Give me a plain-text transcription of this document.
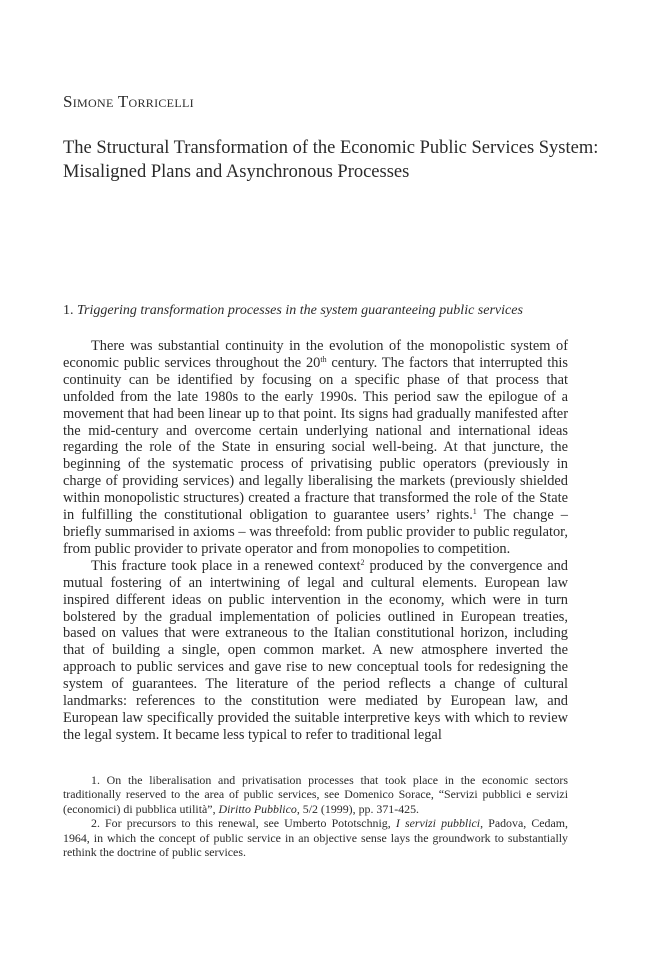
Simone Torricelli
The Structural Transformation of the Economic Public Services System: Misaligned Plans and Asynchronous Processes
1. Triggering transformation processes in the system guaranteeing public services

There was substantial continuity in the evolution of the monopolistic system of economic public services throughout the 20th century. The factors that interrupted this continuity can be identified by focusing on a specific phase of that process that unfolded from the late 1980s to the early 1990s. This period saw the epilogue of a movement that had been linear up to that point. Its signs had gradually manifested after the mid-century and overcome certain underlying national and international ideas regarding the role of the State in ensuring social well-being. At that juncture, the beginning of the systematic process of privatising public operators (previously in charge of providing services) and legally liberalising the markets (previously shielded within monopolistic structures) created a fracture that transformed the role of the State in fulfilling the constitutional obligation to guarantee users’ rights.$^1$ The change – briefly summarised in axioms – was threefold: from public provider to public regulator, from public provider to private operator and from monopolies to competition.

This fracture took place in a renewed context$^2$ produced by the convergence and mutual fostering of an intertwining of legal and cultural elements. European law inspired different ideas on public intervention in the economy, which were in turn bolstered by the gradual implementation of policies outlined in European treaties, based on values that were extraneous to the Italian constitutional horizon, including that of building a single, open common market. A new atmosphere inverted the approach to public services and gave rise to new conceptual tools for redesigning the system of guarantees. The literature of the period reflects a change of cultural landmarks: references to the constitution were mediated by European law, and European law specifically provided the suitable interpretive keys with which to review the legal system. It became less typical to refer to traditional legal

1. On the liberalisation and privatisation processes that took place in the economic sectors traditionally reserved to the area of public services, see Domenico Sorace, “Servizi pubblici e servizi (economici) di pubblica utilità”, Diritto Pubblico, 5/2 (1999), pp. 371-425.

2. For precursors to this renewal, see Umberto Pototschnig, I servizi pubblici, Padova, Cedam, 1964, in which the concept of public service in an objective sense lays the groundwork to substantially rethink the doctrine of public services.
